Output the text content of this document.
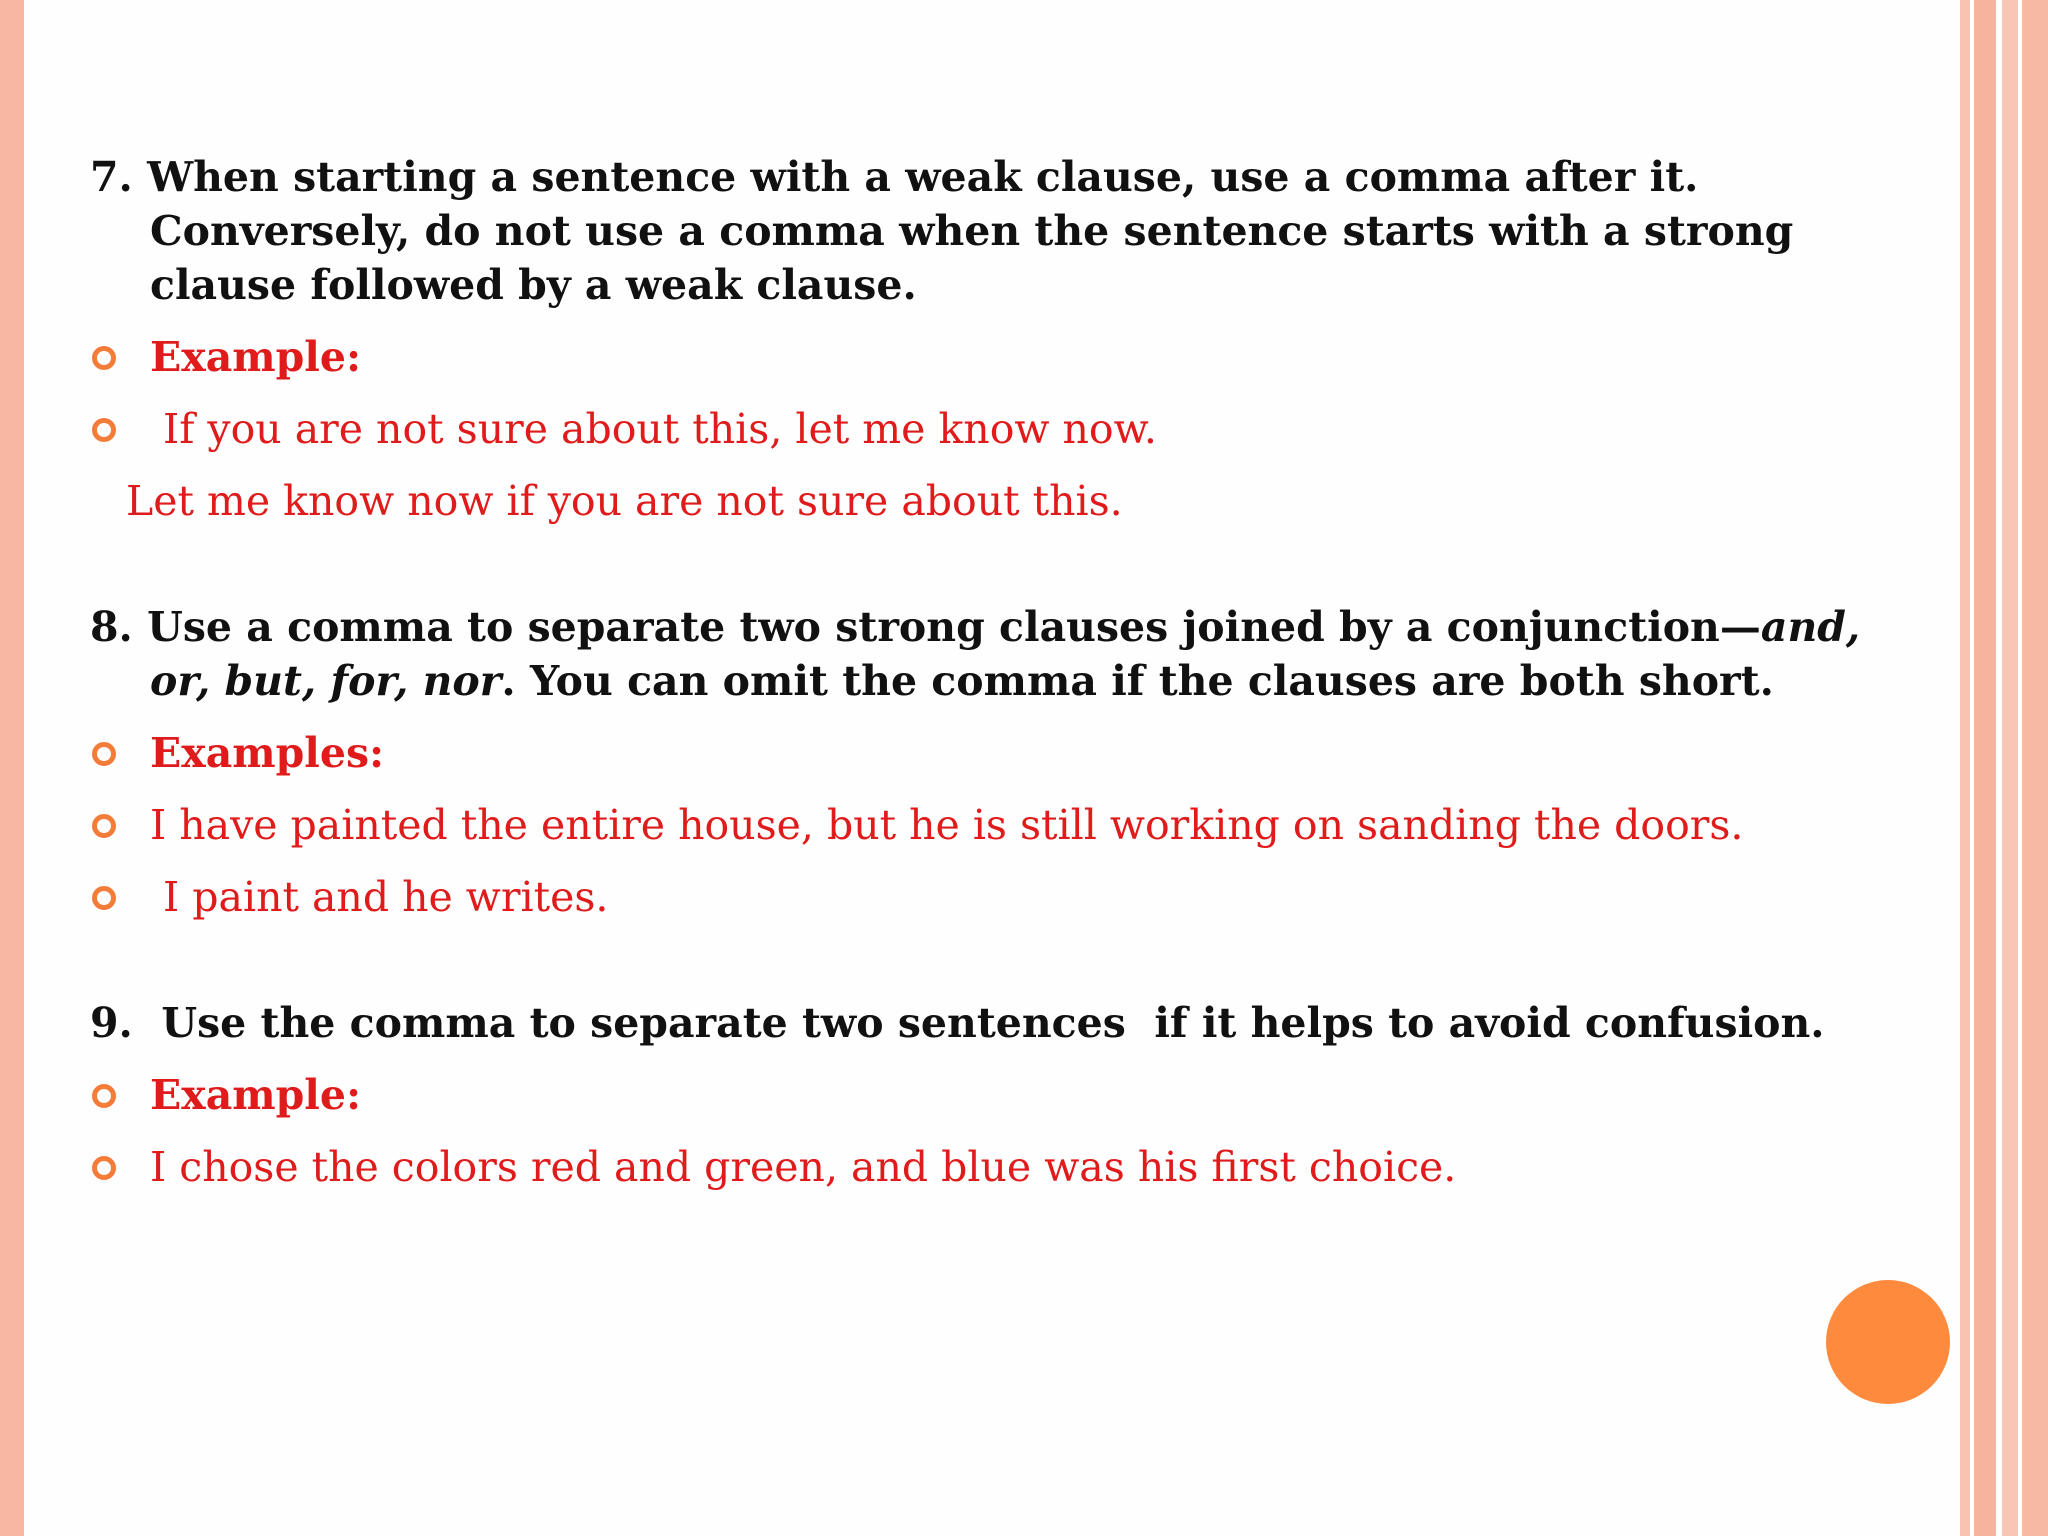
7. When starting a sentence with a weak clause, use a comma after it. Conversely, do not use a comma when the sentence starts with a strong clause followed by a weak clause.

Example:
If you are not sure about this, let me know now.
Let me know now if you are not sure about this.

8. Use a comma to separate two strong clauses joined by a conjunction—and, or, but, for, nor. You can omit the comma if the clauses are both short.

Examples:
I have painted the entire house, but he is still working on sanding the doors.
I paint and he writes.

9.  Use the comma to separate two sentences  if it helps to avoid confusion.

Example:
I chose the colors red and green, and blue was his first choice.
